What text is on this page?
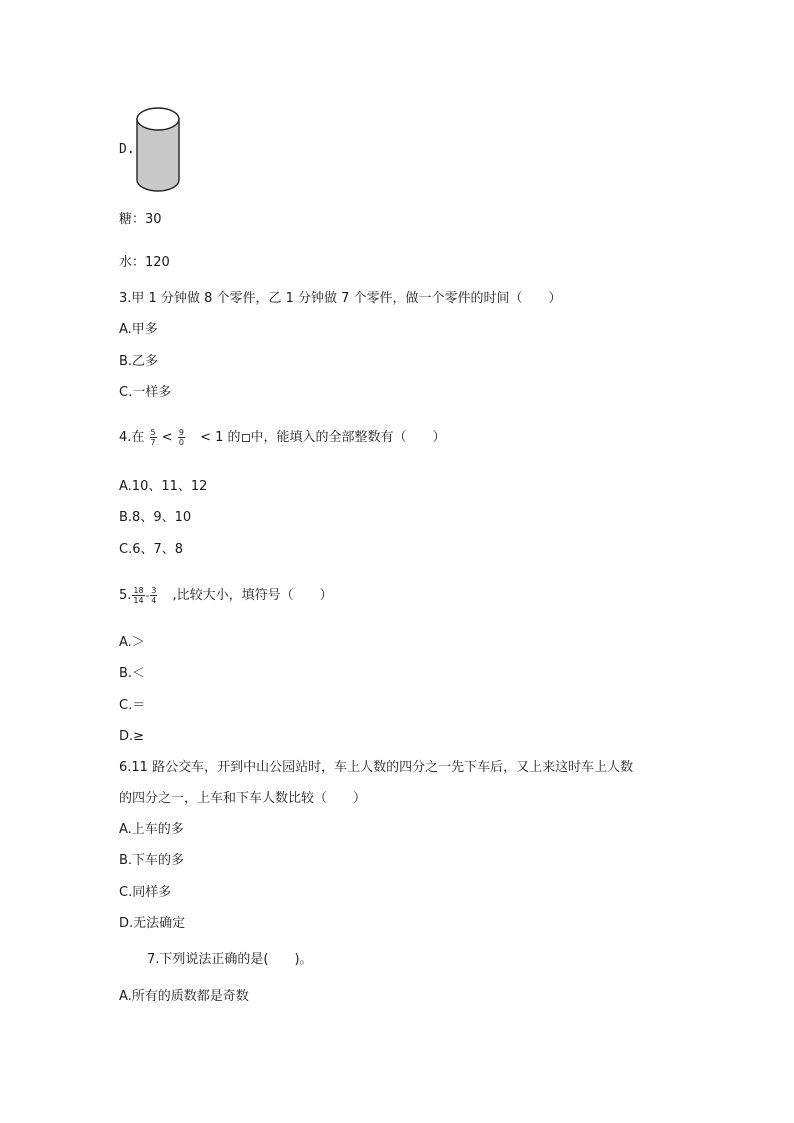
D.
糖：30
水：120
3.甲 1 分钟做 8 个零件，乙 1 分钟做 7 个零件，做一个零件的时间（　　）
A.甲多
B.乙多
C.一样多
4.在 $\frac{5}{7} < \frac{9}{0} < 1$ 的 中，能填入的全部整数有（　　）
A.10、11、12
B.8、9、10
C.6、7、8
5. $\frac{18}{14} - \frac{3}{4}$ ,比较大小，填符号（　　）
A.＞
B.＜
C.＝
D.≥
6.11 路公交车，开到中山公园站时，车上人数的四分之一先下车后，又上来这时车上人数
的四分之一，上车和下车人数比较（　　）
A.上车的多
B.下车的多
C.同样多
D.无法确定
7.下列说法正确的是(　　)。
A.所有的质数都是奇数
